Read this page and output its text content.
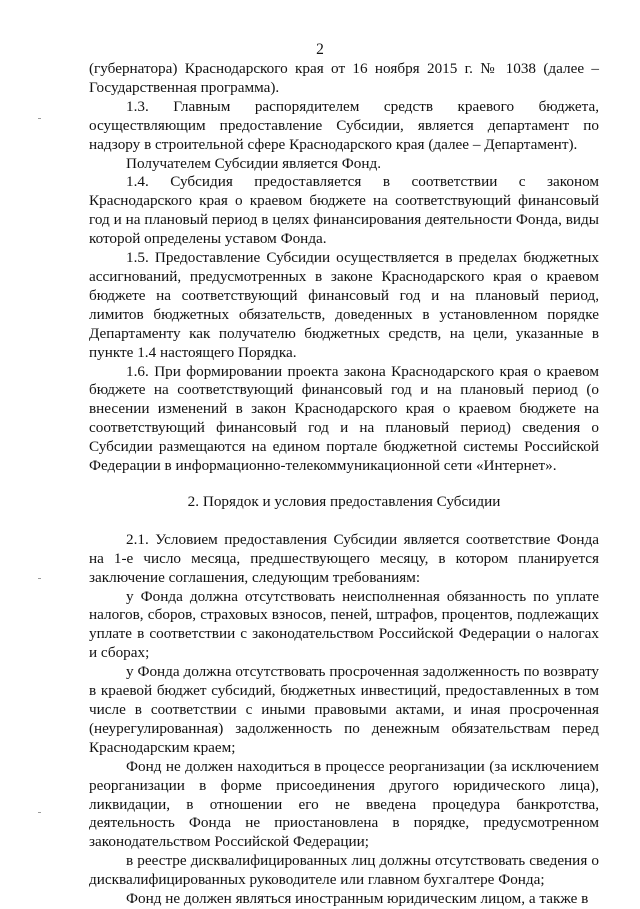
2

(губернатора) Краснодарского края от 16 ноября 2015 г. № 1038 (далее – Государственная программа).

1.3. Главным распорядителем средств краевого бюджета, осуществляющим предоставление Субсидии, является департамент по надзору в строительной сфере Краснодарского края (далее – Департамент).

Получателем Субсидии является Фонд.

1.4. Субсидия предоставляется в соответствии с законом Краснодарского края о краевом бюджете на соответствующий финансовый год и на плановый период в целях финансирования деятельности Фонда, виды которой определены уставом Фонда.

1.5. Предоставление Субсидии осуществляется в пределах бюджетных ассигнований, предусмотренных в законе Краснодарского края о краевом бюджете на соответствующий финансовый год и на плановый период, лимитов бюджетных обязательств, доведенных в установленном порядке Департаменту как получателю бюджетных средств, на цели, указанные в пункте 1.4 настоящего Порядка.

1.6. При формировании проекта закона Краснодарского края о краевом бюджете на соответствующий финансовый год и на плановый период (о внесении изменений в закон Краснодарского края о краевом бюджете на соответствующий финансовый год и на плановый период) сведения о Субсидии размещаются на едином портале бюджетной системы Российской Федерации в информационно-телекоммуникационной сети «Интернет».

2. Порядок и условия предоставления Субсидии

2.1. Условием предоставления Субсидии является соответствие Фонда на 1-е число месяца, предшествующего месяцу, в котором планируется заключение соглашения, следующим требованиям:

у Фонда должна отсутствовать неисполненная обязанность по уплате налогов, сборов, страховых взносов, пеней, штрафов, процентов, подлежащих уплате в соответствии с законодательством Российской Федерации о налогах и сборах;

у Фонда должна отсутствовать просроченная задолженность по возврату в краевой бюджет субсидий, бюджетных инвестиций, предоставленных в том числе в соответствии с иными правовыми актами, и иная просроченная (неурегулированная) задолженность по денежным обязательствам перед Краснодарским краем;

Фонд не должен находиться в процессе реорганизации (за исключением реорганизации в форме присоединения другого юридического лица), ликвидации, в отношении его не введена процедура банкротства, деятельность Фонда не приостановлена в порядке, предусмотренном законодательством Российской Федерации;

в реестре дисквалифицированных лиц должны отсутствовать сведения о дисквалифицированных руководителе или главном бухгалтере Фонда;

Фонд не должен являться иностранным юридическим лицом, а также в
